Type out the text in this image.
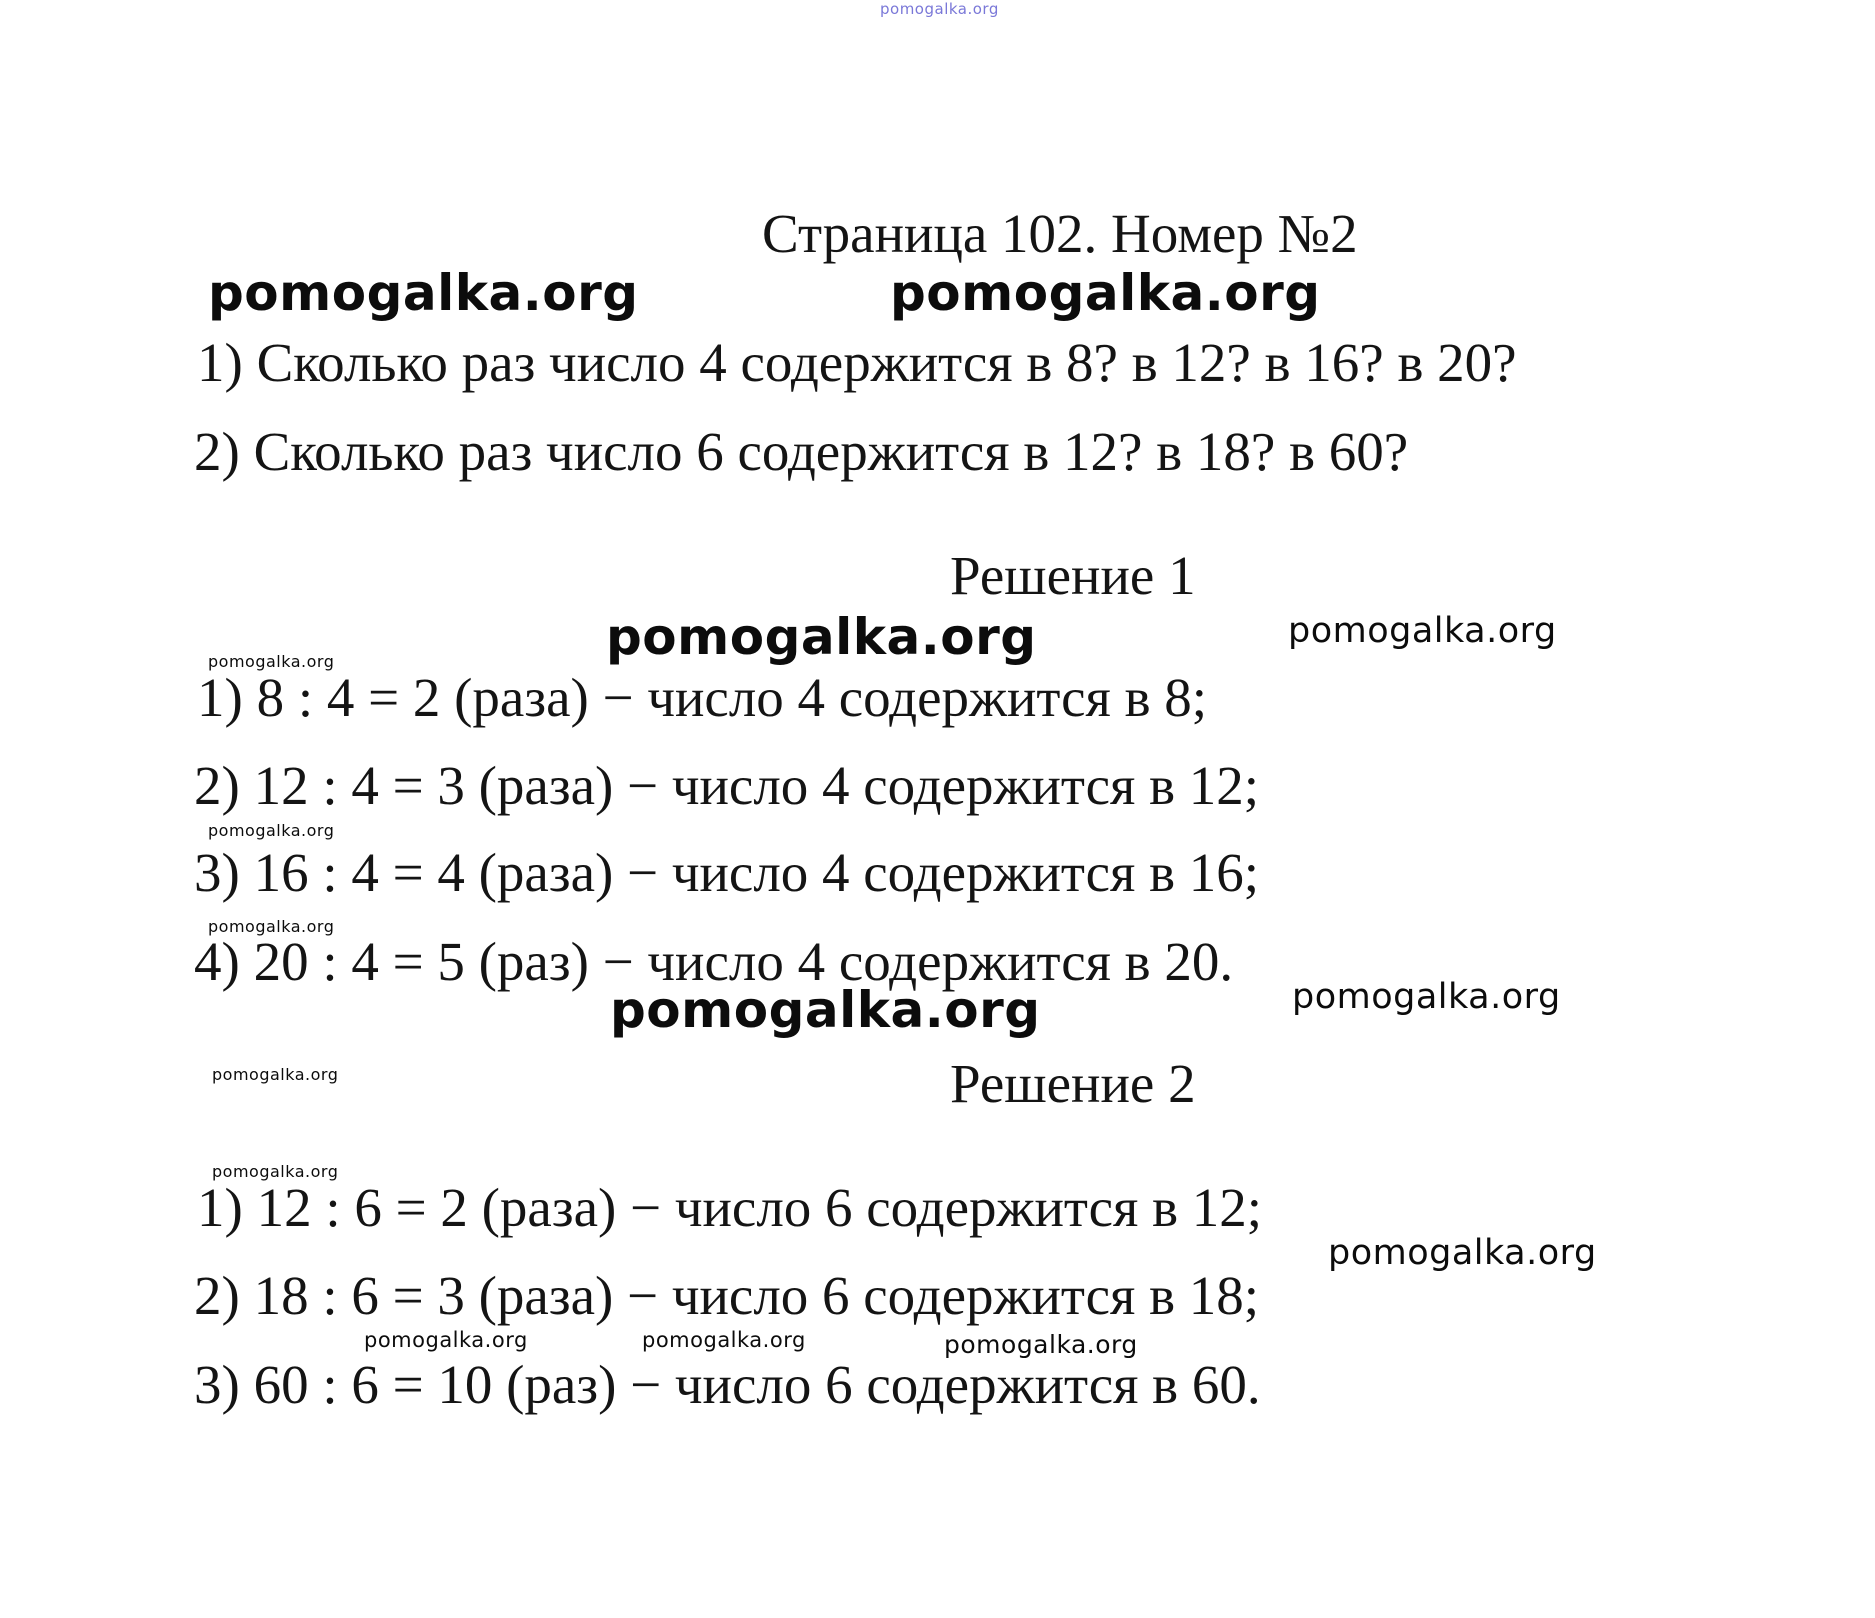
pomogalka.org
Страница 102. Номер №2
pomogalka.org	pomogalka.org
1) Сколько раз число 4 содержится в 8? в 12? в 16? в 20?
2) Сколько раз число 6 содержится в 12? в 18? в 60?
Решение 1
pomogalka.org	pomogalka.org
pomogalka.org
1) 8 : 4 = 2 (раза) − число 4 содержится в 8;
2) 12 : 4 = 3 (раза) − число 4 содержится в 12;
pomogalka.org
3) 16 : 4 = 4 (раза) − число 4 содержится в 16;
pomogalka.org
4) 20 : 4 = 5 (раз) − число 4 содержится в 20.
pomogalka.org	pomogalka.org
pomogalka.org	Решение 2
pomogalka.org
1) 12 : 6 = 2 (раза) − число 6 содержится в 12;
pomogalka.org
2) 18 : 6 = 3 (раза) − число 6 содержится в 18;
pomogalka.org	pomogalka.org	pomogalka.org
3) 60 : 6 = 10 (раз) − число 6 содержится в 60.
